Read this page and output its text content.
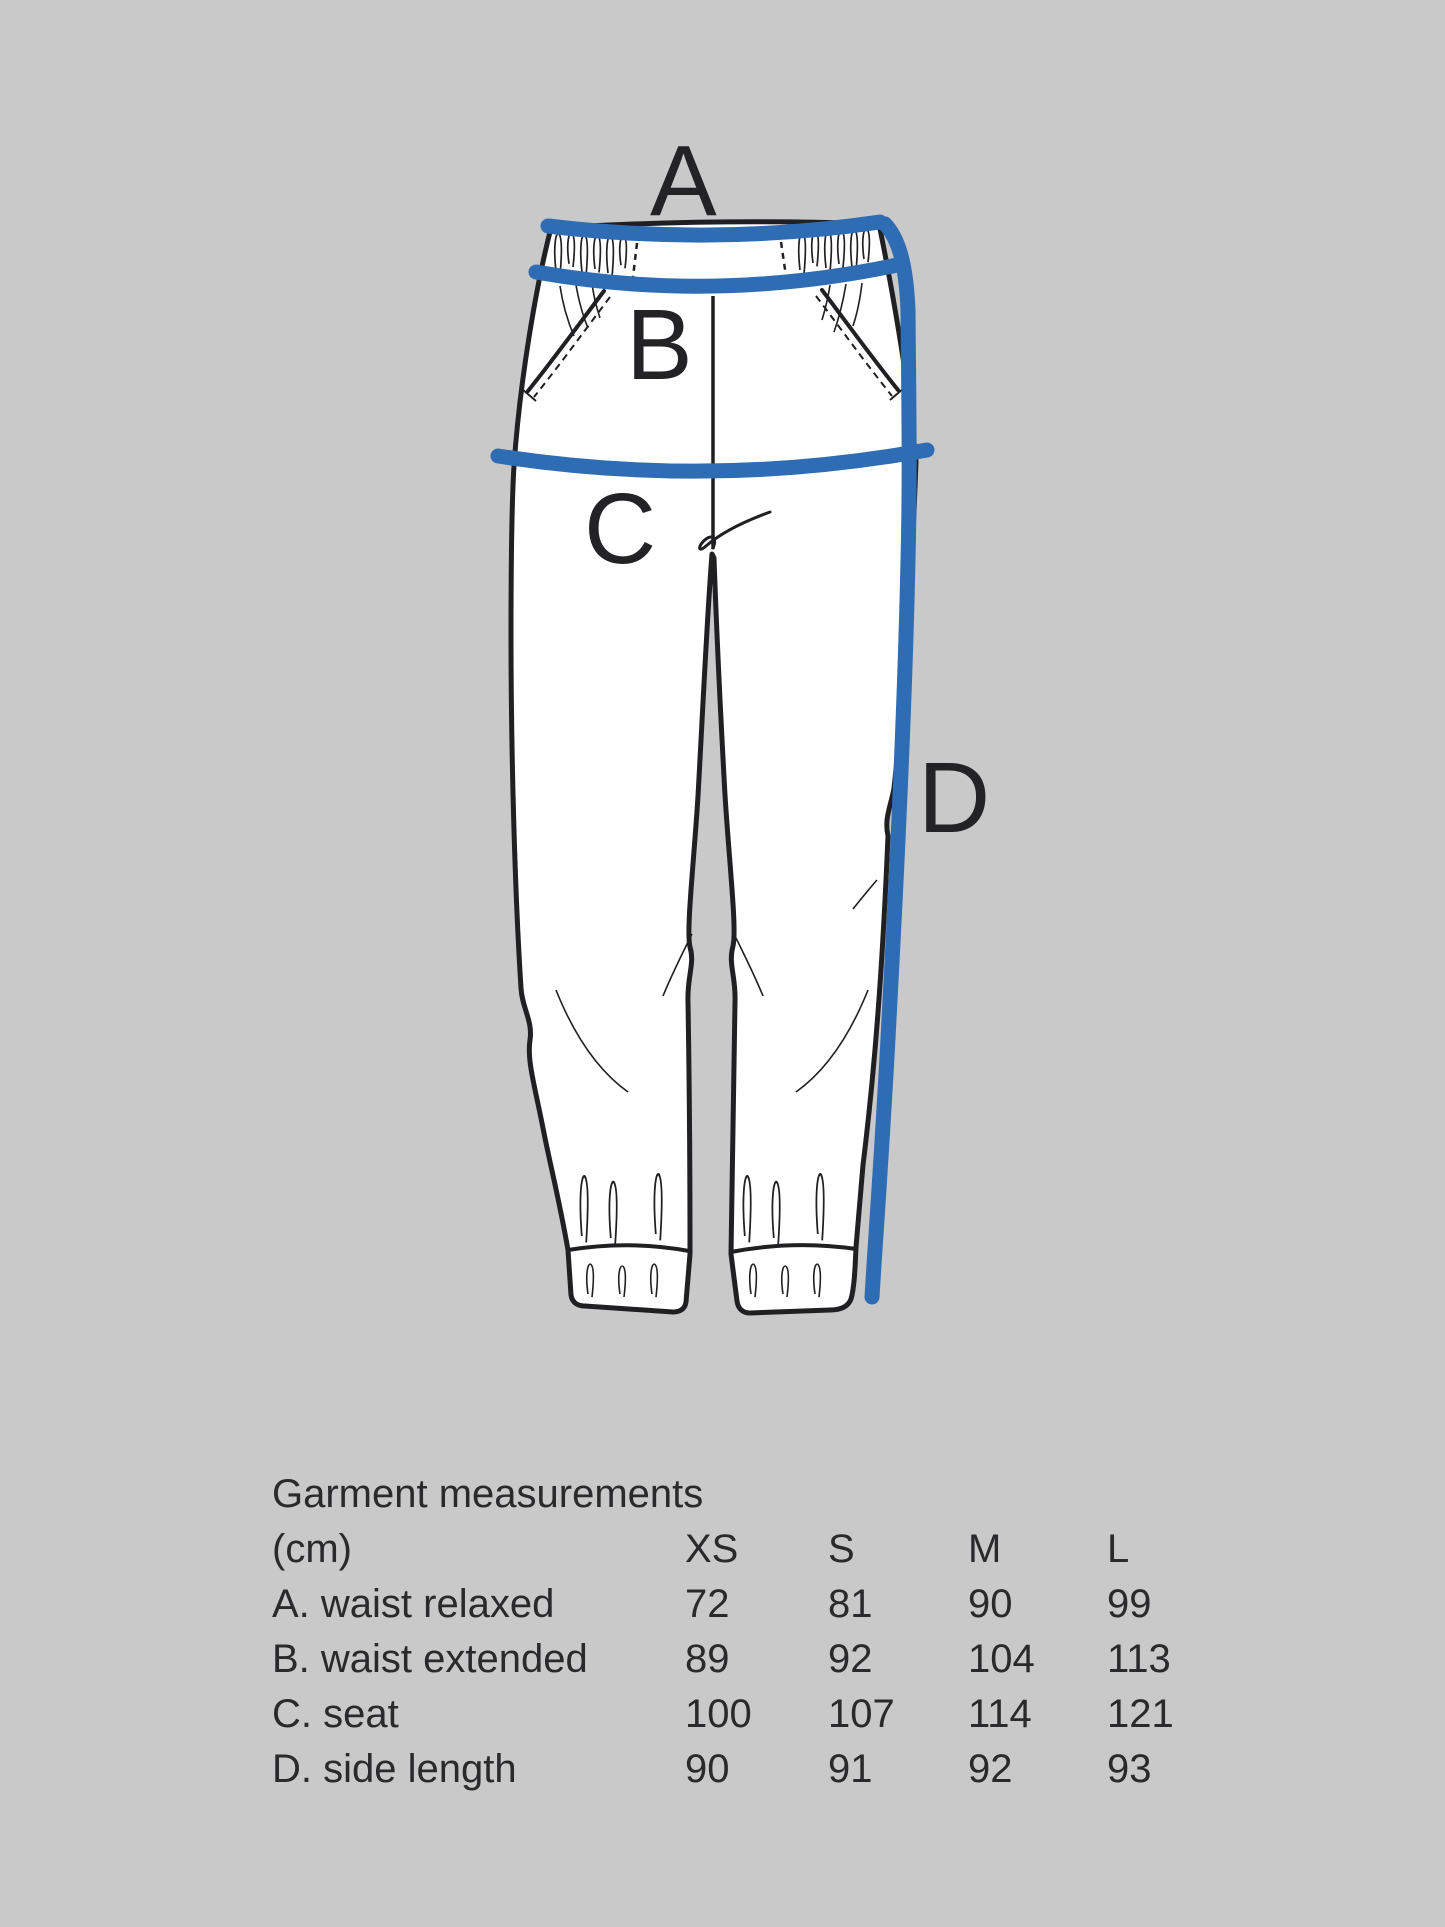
A
B
C
D
Garment measurements
(cm)	XS S	M	L
A. waist relaxed	72 81 90 99
B. waist extended 89 92 104 113
C. seat	100 107 114 121
D. side length	90 91 92 93
